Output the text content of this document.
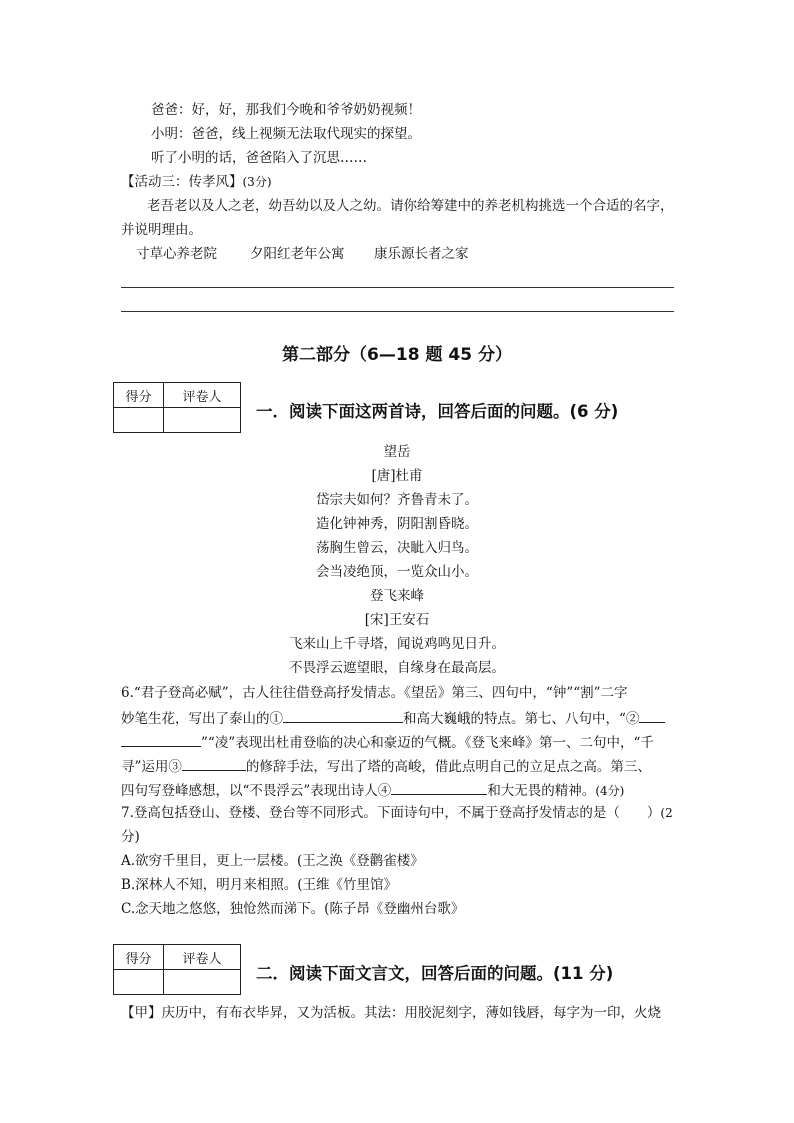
爸爸：好，好，那我们今晚和爷爷奶奶视频！
小明：爸爸，线上视频无法取代现实的探望。
听了小明的话，爸爸陷入了沉思……
【活动三：传孝风】(3分)
老吾老以及人之老，幼吾幼以及人之幼。请你给筹建中的养老机构挑选一个合适的名字，
并说明理由。
寸草心养老院 夕阳红老年公寓 康乐源长者之家
第二部分（6—18 题 45 分）
得分	评卷人

一．阅读下面这两首诗，回答后面的问题。(6 分)
望岳
[唐]杜甫
岱宗夫如何？齐鲁青未了。
造化钟神秀，阴阳割昏晓。
荡胸生曾云，决眦入归鸟。
会当凌绝顶，一览众山小。
登飞来峰
[宋]王安石
飞来山上千寻塔，闻说鸡鸣见日升。
不畏浮云遮望眼，自缘身在最高层。
6.“君子登高必赋”，古人往往借登高抒发情志。《望岳》第三、四句中，“钟”“割”二字
妙笔生花，写出了泰山的①	和高大巍峨的特点。第七、八句中，“②
”“凌”表现出杜甫登临的决心和豪迈的气概。《登飞来峰》第一、二句中，“千
寻”运用③	的修辞手法，写出了塔的高峻，借此点明自己的立足点之高。第三、
四句写登峰感想，以“不畏浮云”表现出诗人④	和大无畏的精神。(4分)
7.登高包括登山、登楼、登台等不同形式。下面诗句中，不属于登高抒发情志的是（　　）(2
分)
A.欲穷千里目，更上一层楼。(王之涣《登鹳雀楼》
B.深林人不知，明月来相照。(王维《竹里馆》
C.念天地之悠悠，独怆然而涕下。(陈子昂《登幽州台歌》
得分	评卷人

二．阅读下面文言文，回答后面的问题。(11 分)
【甲】庆历中，有布衣毕昇，又为活板。其法：用胶泥刻字，薄如钱唇，每字为一印，火烧
